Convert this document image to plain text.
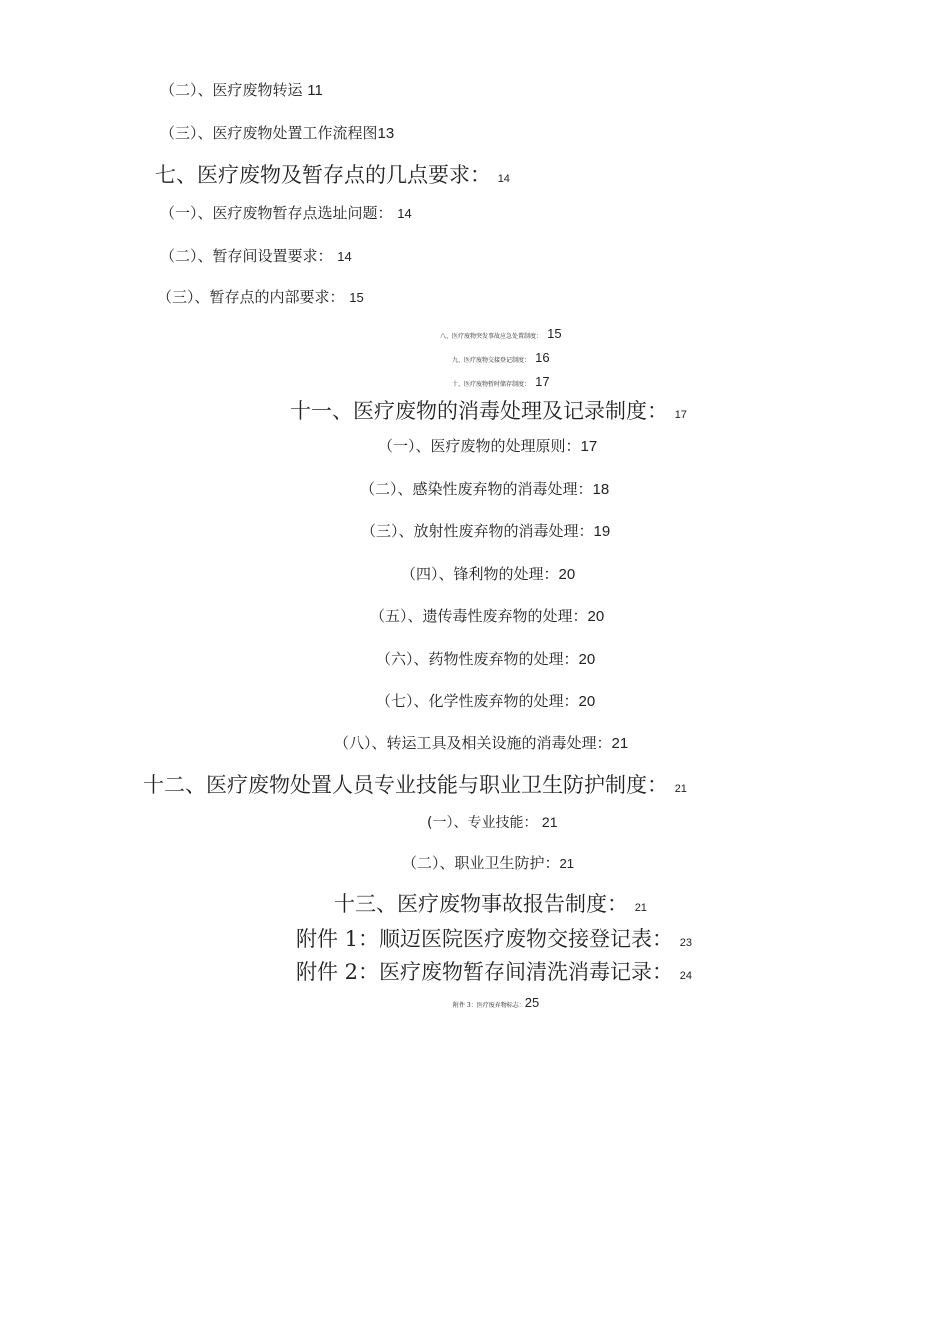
（二）、医疗废物转运 11
（三）、医疗废物处置工作流程图13
七、医疗废物及暂存点的几点要求： 14
（一）、医疗废物暂存点选址问题： 14
（二）、暂存间设置要求： 14
（三）、暂存点的内部要求： 15
八、医疗废物突发事故应急处置制度： 15
九、医疗废物交接登记制度： 16
十、医疗废物暂时储存制度： 17
十一、医疗废物的消毒处理及记录制度： 17
（一）、医疗废物的处理原则：17
（二）、感染性废弃物的消毒处理：18
（三）、放射性废弃物的消毒处理：19
（四）、锋利物的处理：20
（五）、遗传毒性废弃物的处理：20
（六）、药物性废弃物的处理：20
（七）、化学性废弃物的处理：20
（八）、转运工具及相关设施的消毒处理：21
十二、医疗废物处置人员专业技能与职业卫生防护制度： 21
(一）、专业技能： 21
（二）、职业卫生防护：21
十三、医疗废物事故报告制度： 21
附件 1：顺迈医院医疗废物交接登记表： 23
附件 2：医疗废物暂存间清洗消毒记录： 24
附件 3：医疗废弃物标志：25
